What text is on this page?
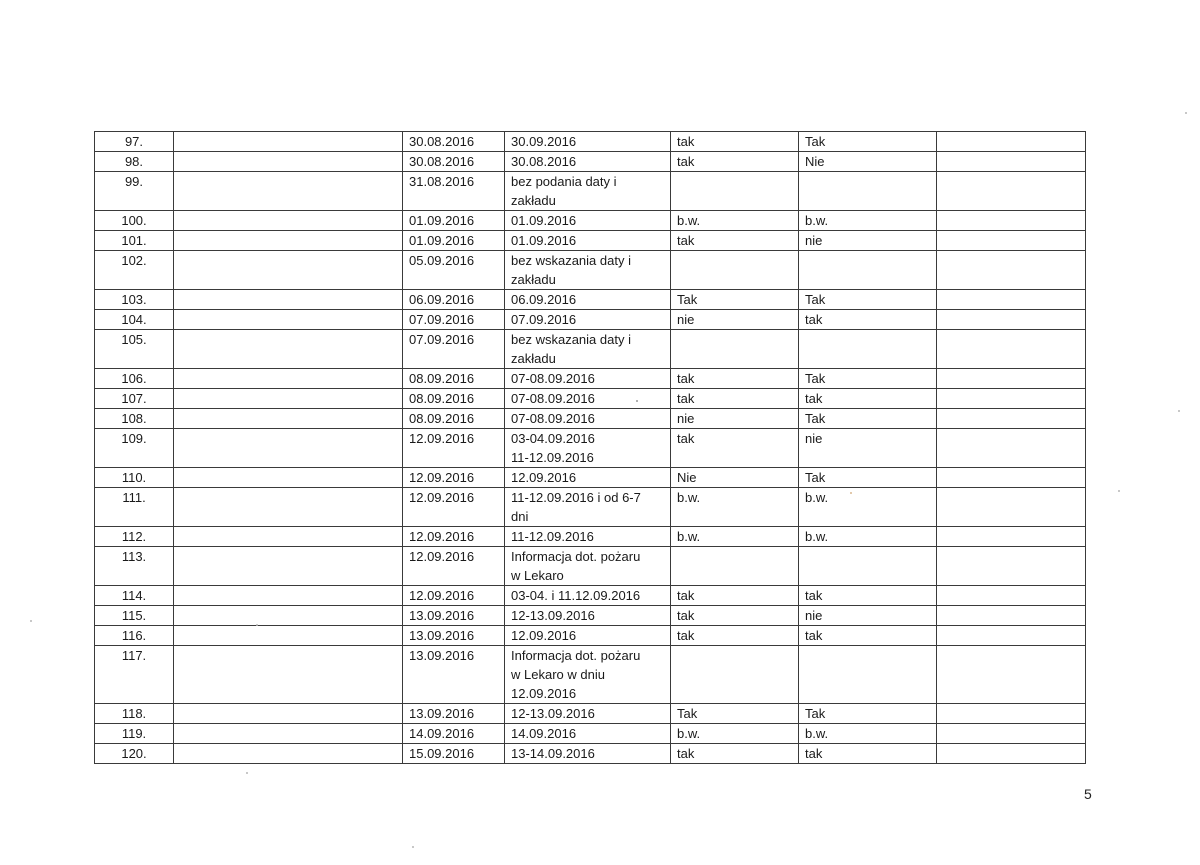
97.		30.08.2016	30.09.2016	tak	Tak	
98.		30.08.2016	30.08.2016	tak	Nie	
99.		31.08.2016	bez podania daty i
zakładu			
100.		01.09.2016	01.09.2016	b.w.	b.w.	
101.		01.09.2016	01.09.2016	tak	nie	
102.		05.09.2016	bez wskazania daty i
zakładu			
103.		06.09.2016	06.09.2016	Tak	Tak	
104.		07.09.2016	07.09.2016	nie	tak	
105.		07.09.2016	bez wskazania daty i
zakładu			
106.		08.09.2016	07-08.09.2016	tak	Tak	
107.		08.09.2016	07-08.09.2016	tak	tak	
108.		08.09.2016	07-08.09.2016	nie	Tak	
109.		12.09.2016	03-04.09.2016
11-12.09.2016	tak	nie	
110.		12.09.2016	12.09.2016	Nie	Tak	
111.		12.09.2016	11-12.09.2016 i od 6-7
dni	b.w.	b.w.	
112.		12.09.2016	11-12.09.2016	b.w.	b.w.	
113.		12.09.2016	Informacja dot. pożaru
w Lekaro			
114.		12.09.2016	03-04. i 11.12.09.2016	tak	tak	
115.		13.09.2016	12-13.09.2016	tak	nie	
116.		13.09.2016	12.09.2016	tak	tak	
117.		13.09.2016	Informacja dot. pożaru
w Lekaro w dniu
12.09.2016			
118.		13.09.2016	12-13.09.2016	Tak	Tak	
119.		14.09.2016	14.09.2016	b.w.	b.w.	
120.		15.09.2016	13-14.09.2016	tak	tak	
5
